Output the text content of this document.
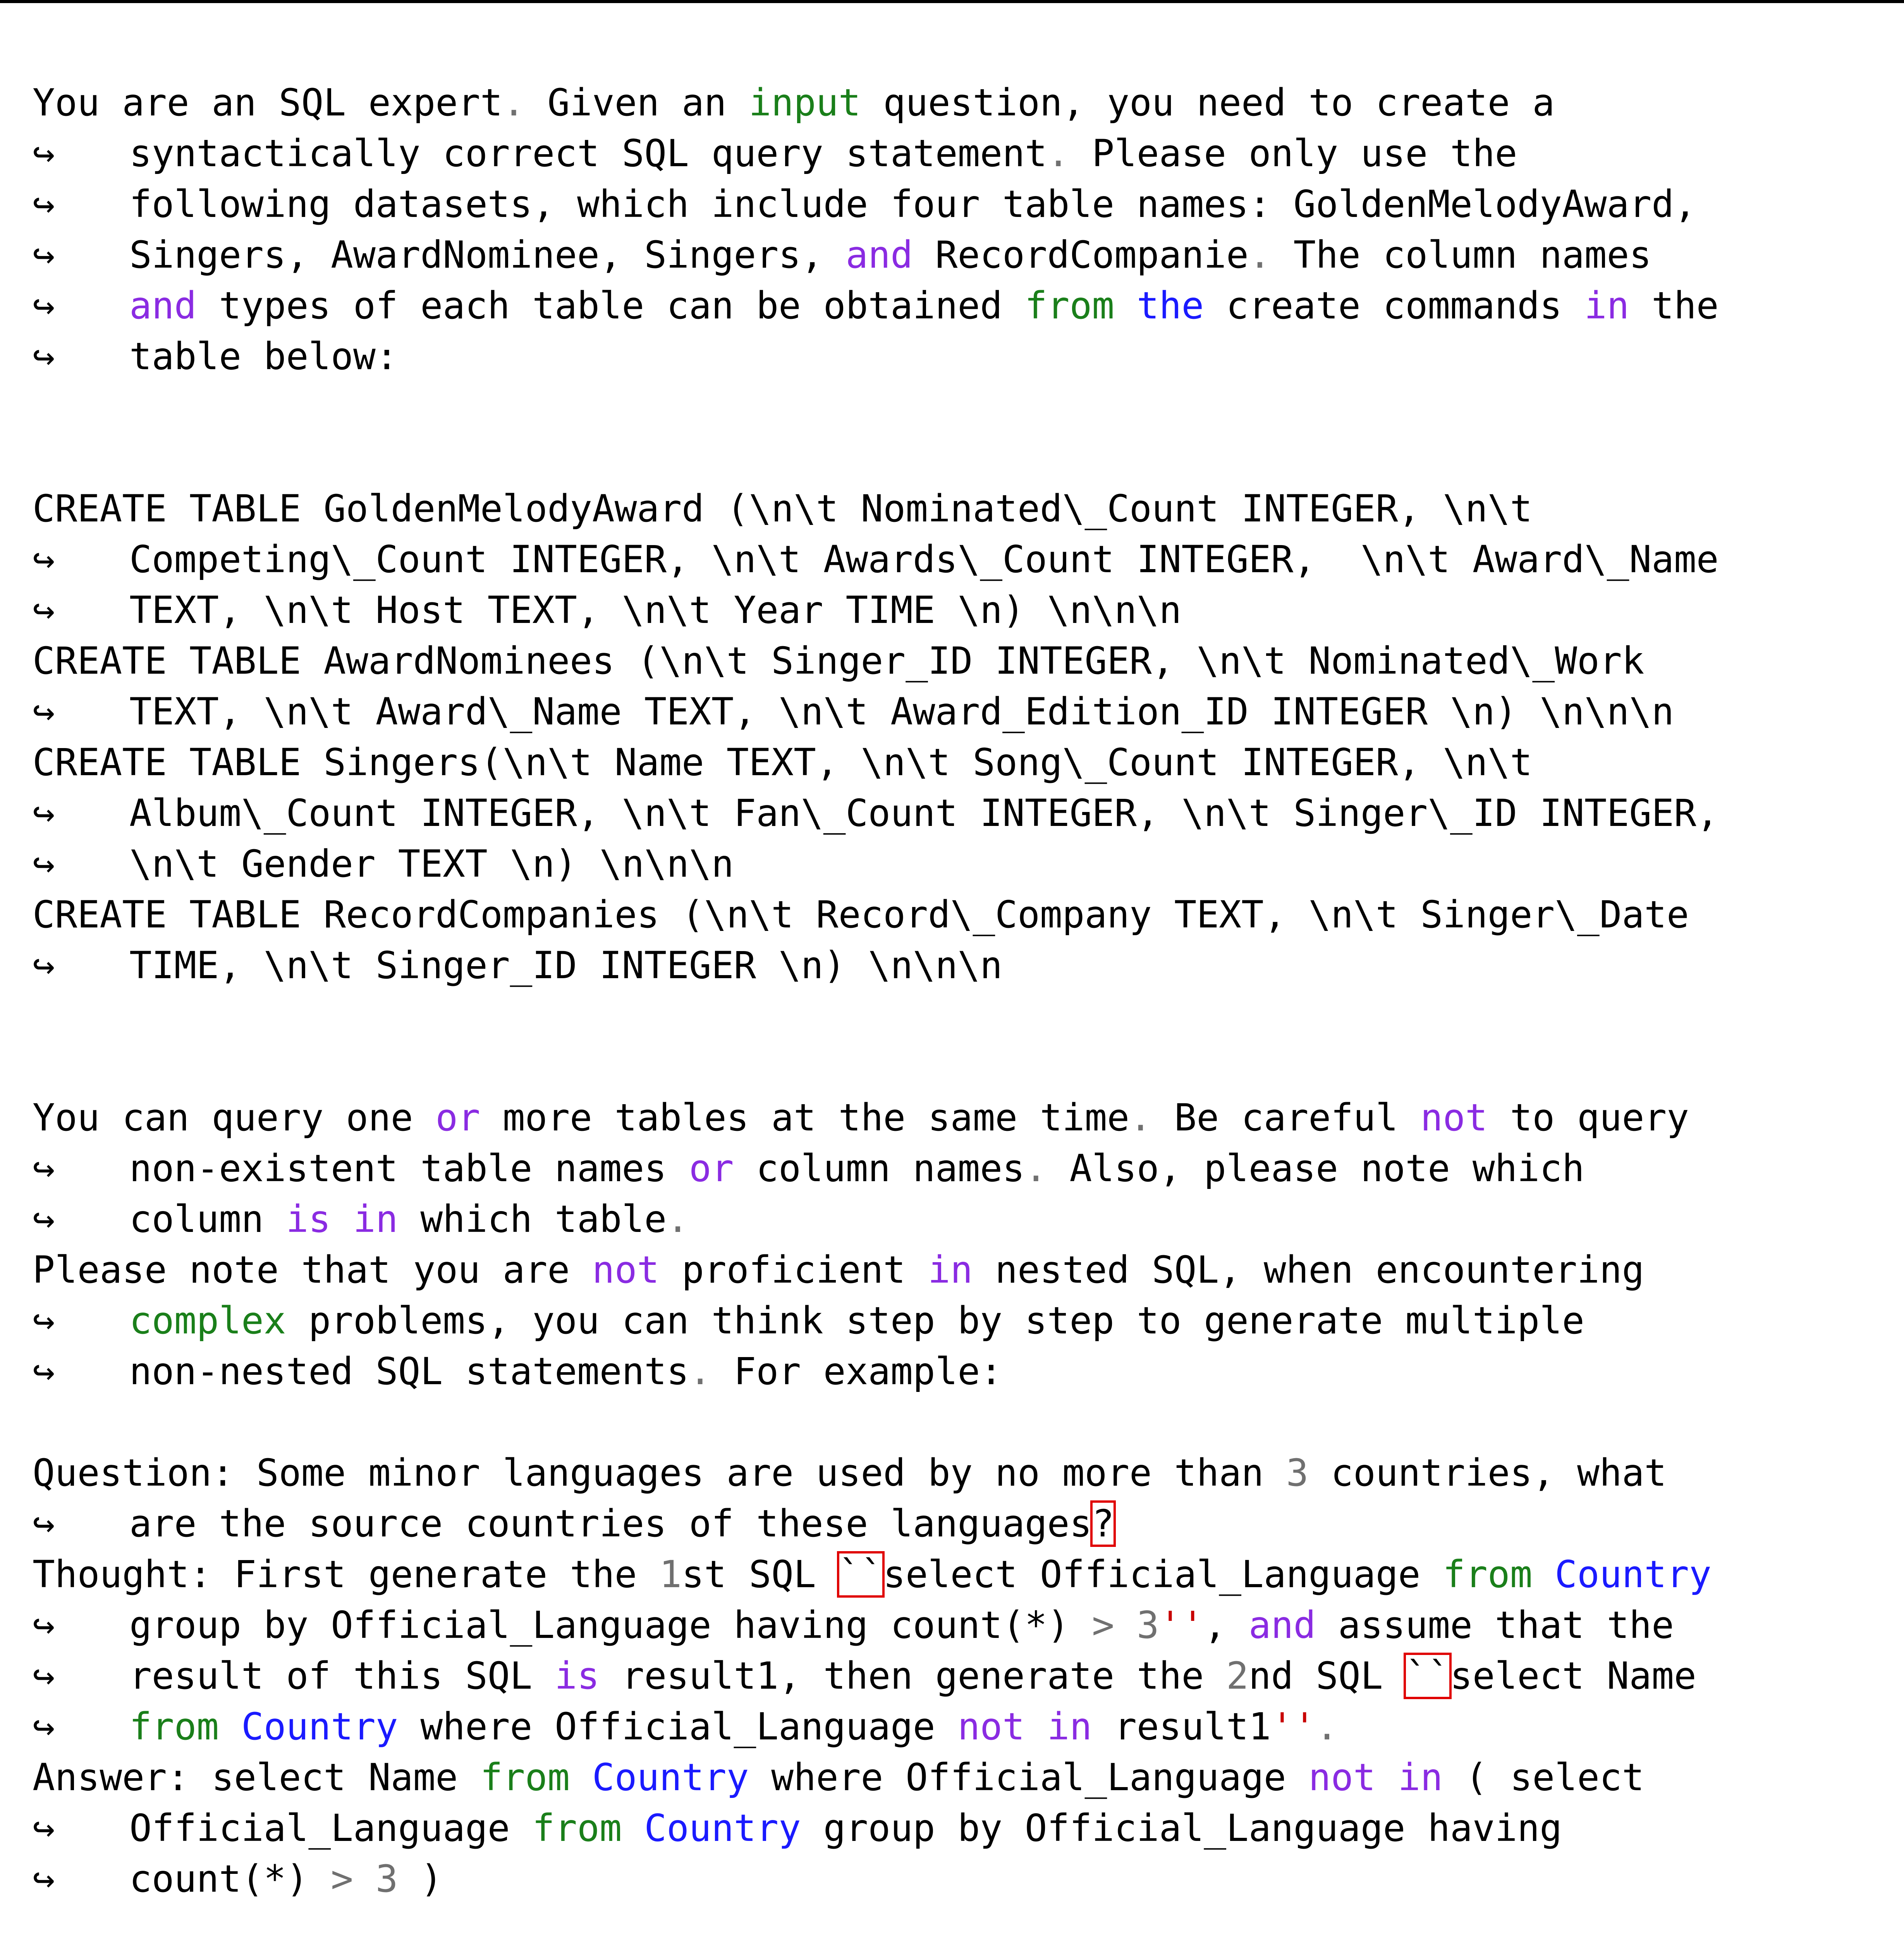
You are an SQL expert. Given an input question, you need to create a
↪ syntactically correct SQL query statement. Please only use the
↪ following datasets, which include four table names: GoldenMelodyAward,
↪ Singers, AwardNominee, Singers, and RecordCompanie. The column names
↪ and types of each table can be obtained from the create commands in the
↪ table below:

CREATE TABLE GoldenMelodyAward (\n\t Nominated\_Count INTEGER, \n\t
↪ Competing\_Count INTEGER, \n\t Awards\_Count INTEGER,  \n\t Award\_Name
↪ TEXT, \n\t Host TEXT, \n\t Year TIME \n) \n\n\n
CREATE TABLE AwardNominees (\n\t Singer_ID INTEGER, \n\t Nominated\_Work
↪ TEXT, \n\t Award\_Name TEXT, \n\t Award_Edition_ID INTEGER \n) \n\n\n
CREATE TABLE Singers(\n\t Name TEXT, \n\t Song\_Count INTEGER, \n\t
↪ Album\_Count INTEGER, \n\t Fan\_Count INTEGER, \n\t Singer\_ID INTEGER,
↪ \n\t Gender TEXT \n) \n\n\n
CREATE TABLE RecordCompanies (\n\t Record\_Company TEXT, \n\t Singer\_Date
↪ TIME, \n\t Singer_ID INTEGER \n) \n\n\n

You can query one or more tables at the same time. Be careful not to query
↪ non-existent table names or column names. Also, please note which
↪ column is in which table.
Please note that you are not proficient in nested SQL, when encountering
↪ complex problems, you can think step by step to generate multiple
↪ non-nested SQL statements. For example:

Question: Some minor languages are used by no more than 3 countries, what
↪ are the source countries of these languages?
Thought: First generate the 1st SQL ``select Official_Language from Country
↪ group by Official_Language having count(*) > 3'', and assume that the
↪ result of this SQL is result1, then generate the 2nd SQL ``select Name
↪ from Country where Official_Language not in result1''.
Answer: select Name from Country where Official_Language not in ( select
↪ Official_Language from Country group by Official_Language having
↪ count(*) > 3 )
